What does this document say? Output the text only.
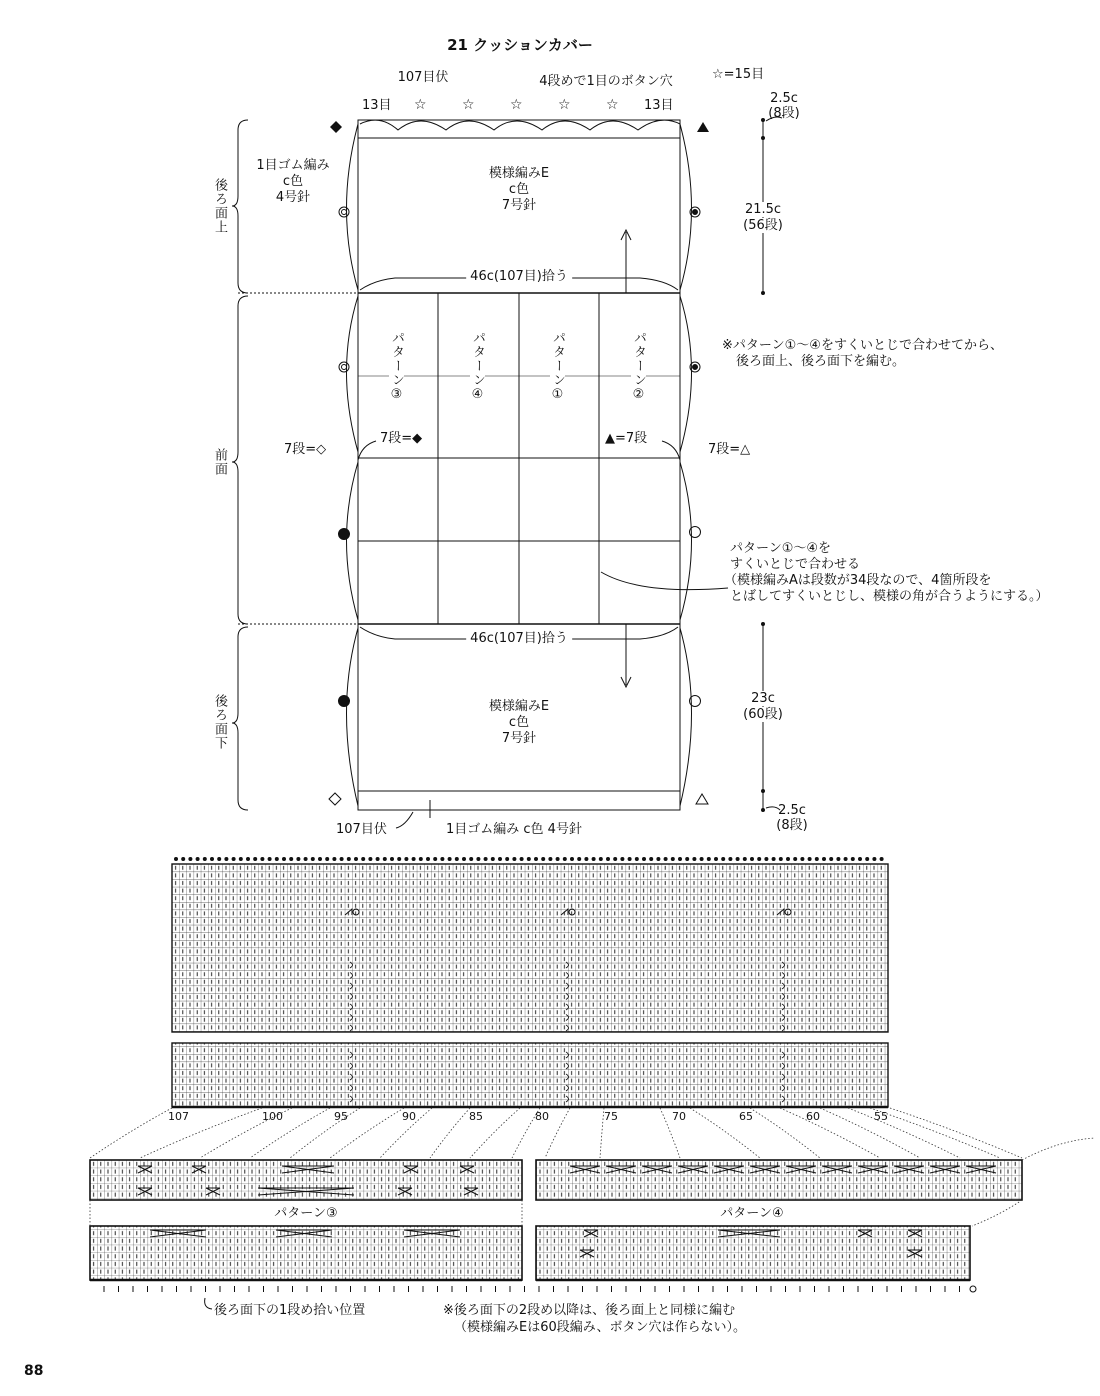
21 クッションカバー
☆=15目
107目伏	4段めで1目のボタン穴
13目	13目
☆	☆	☆	☆	☆
後ろ面上
前面
後ろ面下
1目ゴム編み
c色
4号針
模様編みE
c色
7号針
46c(107目)拾う
46c(107目)拾う
2.5c
(8段)
21.5c
(56段)
23c
(60段)
2.5c
(8段)
パターン③	パターン④	パターン①	パターン②	※パターン①～④をすくいとじで合わせてから、
後ろ面上、後ろ面下を編む。
7段=◇
7段=◆	▲=7段
7段=△
パターン①～④を
すくいとじで合わせる
（模様編みAは段数が34段なので、4箇所段を
とばしてすくいとじし、模様の角が合うようにする。）
模様編みE
c色
7号針
107目伏	1目ゴム編み c色 4号針
107	100	95	90	85	80	75	70	65	60	55
パターン③	パターン④
後ろ面下の1段め拾い位置	※後ろ面下の2段め以降は、後ろ面上と同様に編む
（模様編みEは60段編み、ボタン穴は作らない）。
88
